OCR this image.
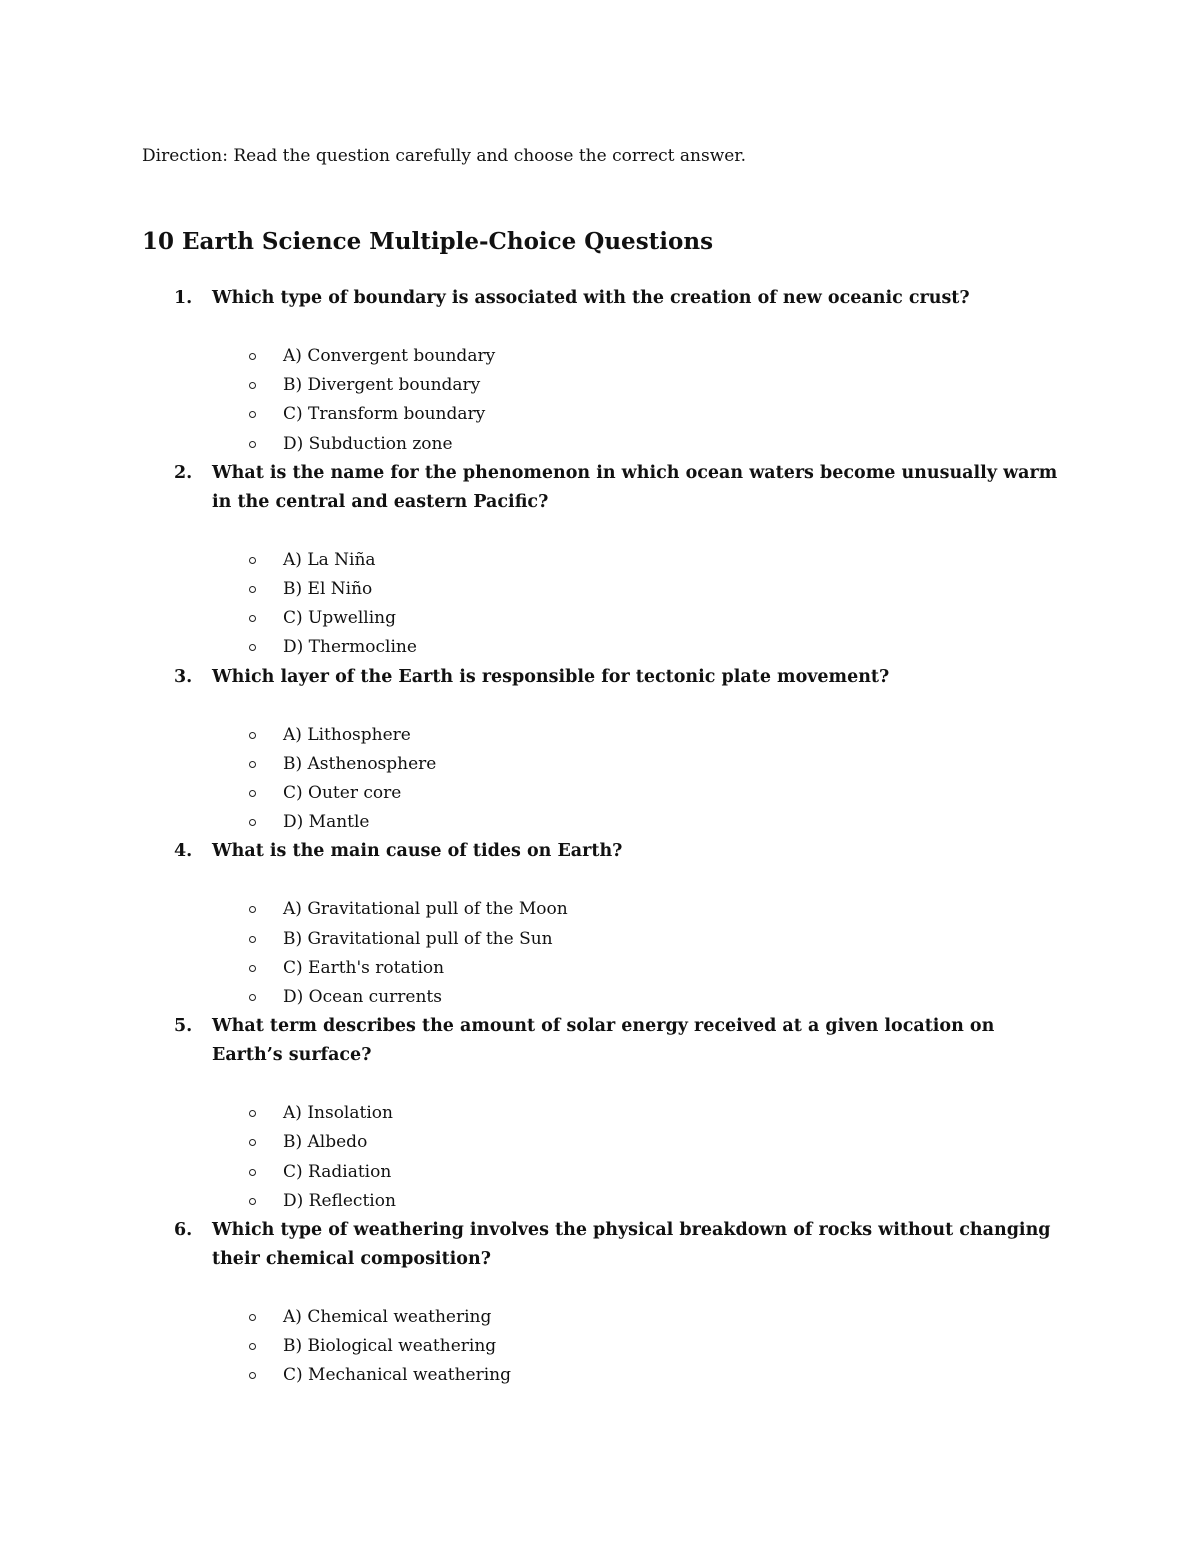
Direction: Read the question carefully and choose the correct answer.
10 Earth Science Multiple-Choice Questions
1.	Which type of boundary is associated with the creation of new oceanic crust?
A) Convergent boundary
B) Divergent boundary
C) Transform boundary
D) Subduction zone
2.	What is the name for the phenomenon in which ocean waters become unusually warm in the central and eastern Pacific?
A) La Niña
B) El Niño
C) Upwelling
D) Thermocline
3.	Which layer of the Earth is responsible for tectonic plate movement?
A) Lithosphere
B) Asthenosphere
C) Outer core
D) Mantle
4.	What is the main cause of tides on Earth?
A) Gravitational pull of the Moon
B) Gravitational pull of the Sun
C) Earth's rotation
D) Ocean currents
5.	What term describes the amount of solar energy received at a given location on Earth’s surface?
A) Insolation
B) Albedo
C) Radiation
D) Reflection
6.	Which type of weathering involves the physical breakdown of rocks without changing their chemical composition?
A) Chemical weathering
B) Biological weathering
C) Mechanical weathering
